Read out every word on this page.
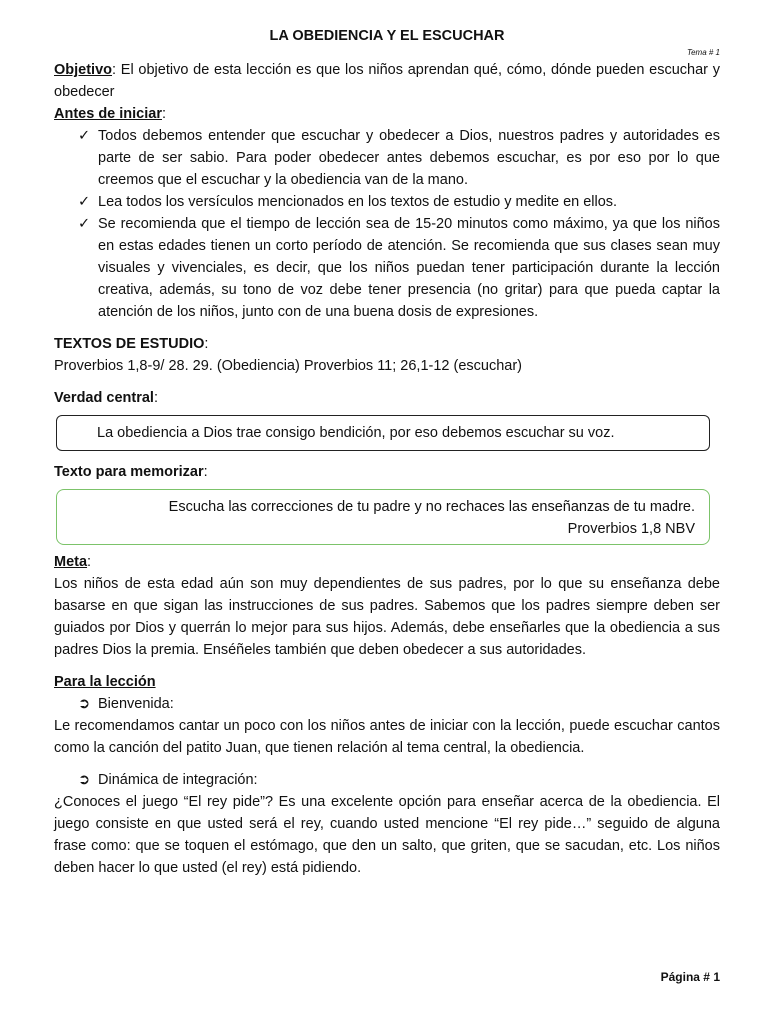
LA OBEDIENCIA Y EL ESCUCHAR
Tema # 1

Objetivo: El objetivo de esta lección es que los niños aprendan qué, cómo, dónde pueden escuchar y obedecer

Antes de iniciar:

✓ Todos debemos entender que escuchar y obedecer a Dios, nuestros padres y autoridades es parte de ser sabio. Para poder obedecer antes debemos escuchar, es por eso por lo que creemos que el escuchar y la obediencia van de la mano.
✓ Lea todos los versículos mencionados en los textos de estudio y medite en ellos.
✓ Se recomienda que el tiempo de lección sea de 15-20 minutos como máximo, ya que los niños en estas edades tienen un corto período de atención. Se recomienda que sus clases sean muy visuales y vivenciales, es decir, que los niños puedan tener participación durante la lección creativa, además, su tono de voz debe tener presencia (no gritar) para que pueda captar la atención de los niños, junto con de una buena dosis de expresiones.

TEXTOS DE ESTUDIO:

Proverbios 1,8-9/ 28. 29. (Obediencia) Proverbios 11; 26,1-12 (escuchar)

Verdad central:

La obediencia a Dios trae consigo bendición, por eso debemos escuchar su voz.

Texto para memorizar:

Escucha las correcciones de tu padre y no rechaces las enseñanzas de tu madre.
Proverbios 1,8 NBV

Meta:

Los niños de esta edad aún son muy dependientes de sus padres, por lo que su enseñanza debe basarse en que sigan las instrucciones de sus padres. Sabemos que los padres siempre deben ser guiados por Dios y querrán lo mejor para sus hijos. Además, debe enseñarles que la obediencia a sus padres Dios la premia. Enséñeles también que deben obedecer a sus autoridades.

Para la lección

➲ Bienvenida:

Le recomendamos cantar un poco con los niños antes de iniciar con la lección, puede escuchar cantos como la canción del patito Juan, que tienen relación al tema central, la obediencia.

➲ Dinámica de integración:

¿Conoces el juego “El rey pide”? Es una excelente opción para enseñar acerca de la obediencia. El juego consiste en que usted será el rey, cuando usted mencione “El rey pide…” seguido de alguna frase como: que se toquen el estómago, que den un salto, que griten, que se sacudan, etc. Los niños deben hacer lo que usted (el rey) está pidiendo.

Página # 1
